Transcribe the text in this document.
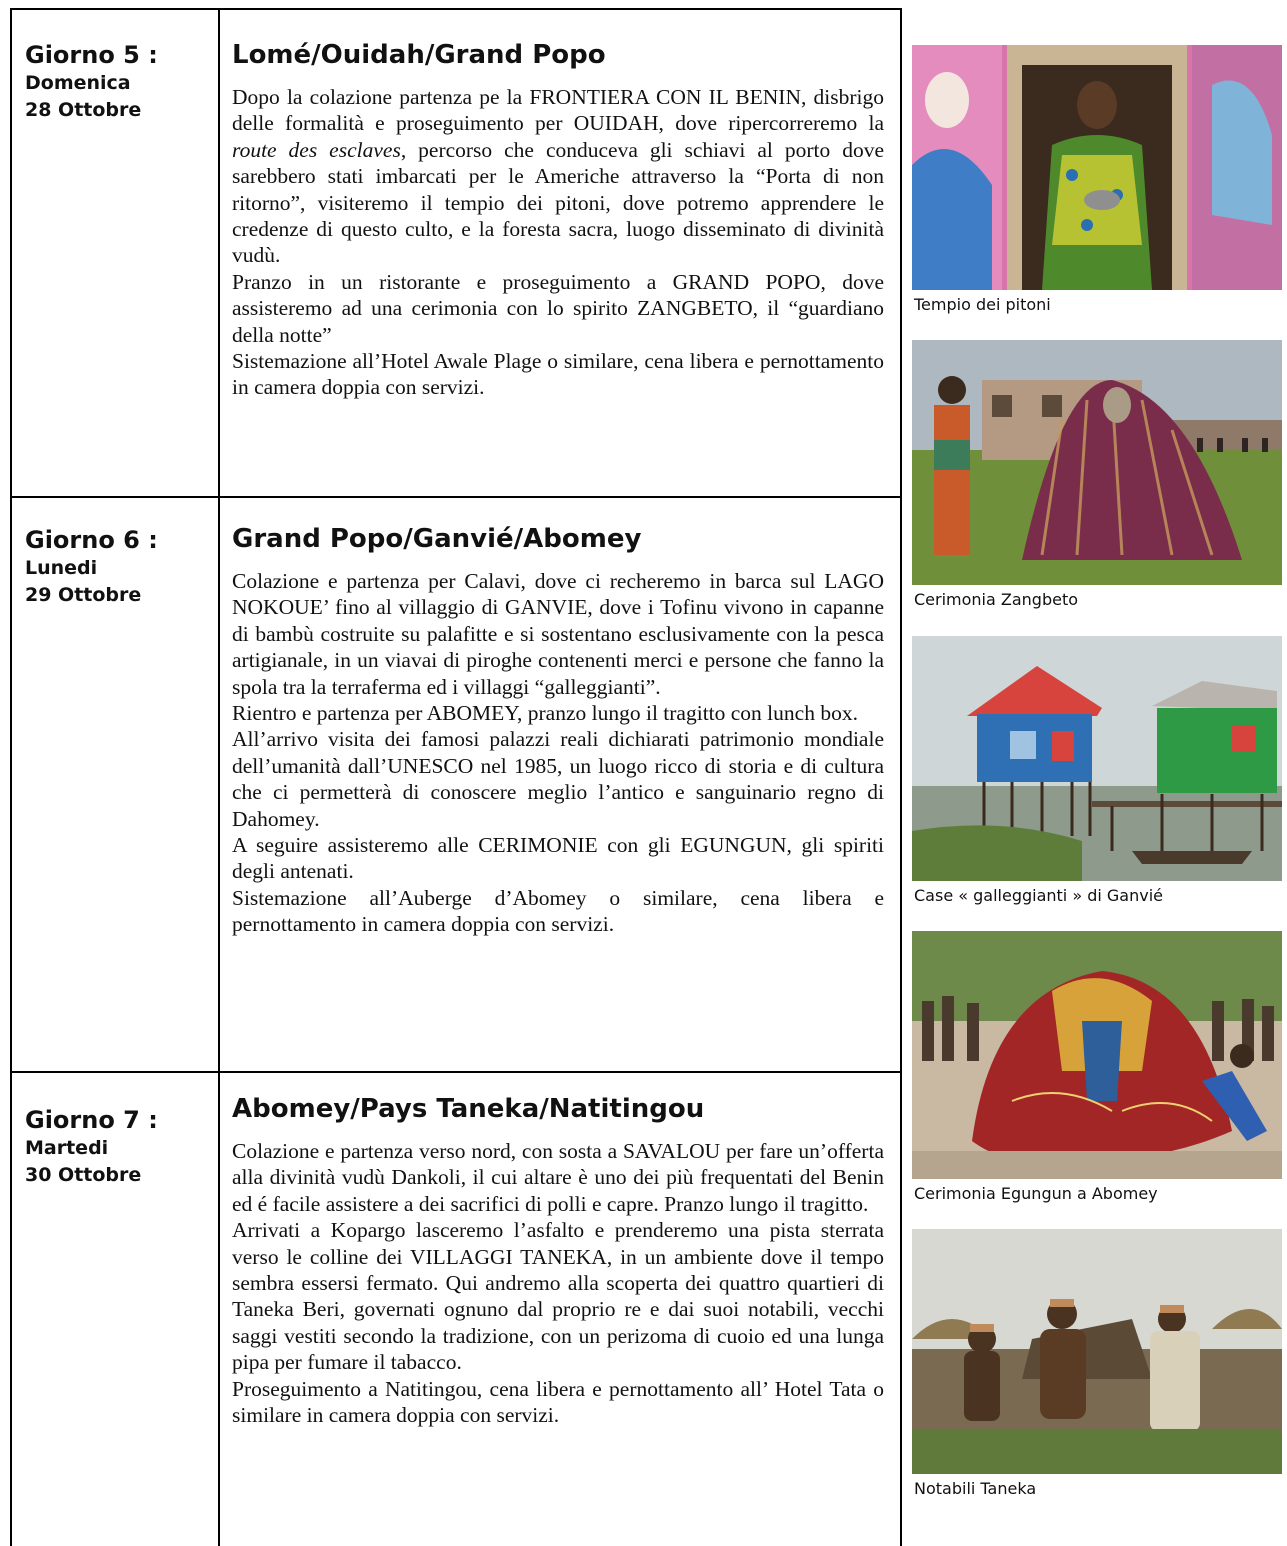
Giorno 5 :
Domenica
28 Ottobre
Lomé/Ouidah/Grand Popo

Dopo la colazione partenza pe la FRONTIERA CON IL BENIN, disbrigo delle formalità e proseguimento per OUIDAH, dove ripercorreremo la route des esclaves, percorso che conduceva gli schiavi al porto dove sarebbero stati imbarcati per le Americhe attraverso la “Porta di non ritorno”, visiteremo il tempio dei pitoni, dove potremo apprendere le credenze di questo culto, e la foresta sacra, luogo disseminato di divinità vudù.

Pranzo in un ristorante e proseguimento a GRAND POPO, dove assisteremo ad una cerimonia con lo spirito ZANGBETO, il “guardiano della notte”

Sistemazione all’Hotel Awale Plage o similare, cena libera e pernottamento in camera doppia con servizi.

Giorno 6 :
Lunedi
29 Ottobre
Grand Popo/Ganvié/Abomey

Colazione e partenza per Calavi, dove ci recheremo in barca sul LAGO NOKOUE’ fino al villaggio di GANVIE, dove i Tofinu vivono in capanne di bambù costruite su palafitte e si sostentano esclusivamente con la pesca artigianale, in un viavai di piroghe contenenti merci e persone che fanno la spola tra la terraferma ed i villaggi “galleggianti”.

Rientro e partenza per ABOMEY, pranzo lungo il tragitto con lunch box.

All’arrivo visita dei famosi palazzi reali dichiarati patrimonio mondiale dell’umanità dall’UNESCO nel 1985, un luogo ricco di storia e di cultura che ci permetterà di conoscere meglio l’antico e sanguinario regno di Dahomey.

A seguire assisteremo alle CERIMONIE con gli EGUNGUN, gli spiriti degli antenati.

Sistemazione all’Auberge d’Abomey o similare, cena libera e pernottamento in camera doppia con servizi.

Giorno 7 :
Martedi
30 Ottobre
Abomey/Pays Taneka/Natitingou

Colazione e partenza verso nord, con sosta a SAVALOU per fare un’offerta alla divinità vudù Dankoli, il cui altare è uno dei più frequentati del Benin ed é facile assistere a dei sacrifici di polli e capre. Pranzo lungo il tragitto.

Arrivati a Kopargo lasceremo l’asfalto e prenderemo una pista sterrata verso le colline dei VILLAGGI TANEKA, in un ambiente dove il tempo sembra essersi fermato. Qui andremo alla scoperta dei quattro quartieri di Taneka Beri, governati ognuno dal proprio re e dai suoi notabili, vecchi saggi vestiti secondo la tradizione, con un perizoma di cuoio ed una lunga pipa per fumare il tabacco.

Proseguimento a Natitingou, cena libera e pernottamento all’ Hotel Tata o similare in camera doppia con servizi.

Tempio dei pitoni
Cerimonia Zangbeto
Case « galleggianti » di Ganvié
Cerimonia Egungun a Abomey
Notabili Taneka
